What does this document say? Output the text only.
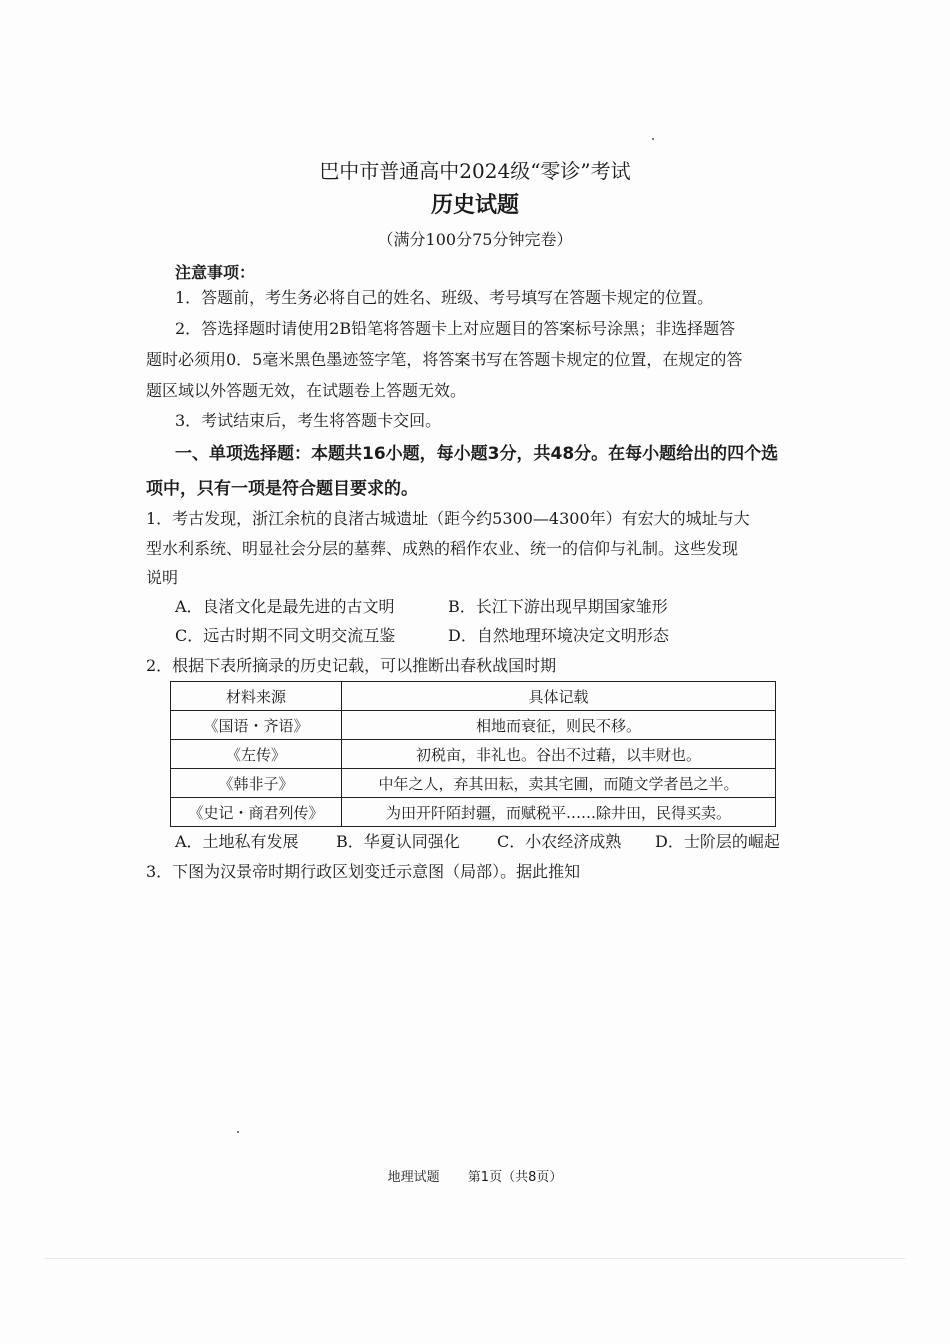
巴中市普通高中2024级“零诊”考试
历史试题
（满分100分75分钟完卷）
注意事项：
1．答题前，考生务必将自己的姓名、班级、考号填写在答题卡规定的位置。
2．答选择题时请使用2B铅笔将答题卡上对应题目的答案标号涂黑；非选择题答
题时必须用0．5毫米黑色墨迹签字笔，将答案书写在答题卡规定的位置，在规定的答
题区域以外答题无效，在试题卷上答题无效。
3．考试结束后，考生将答题卡交回。
一、单项选择题：本题共16小题，每小题3分，共48分。在每小题给出的四个选
项中，只有一项是符合题目要求的。
1．考古发现，浙江余杭的良渚古城遗址（距今约5300—4300年）有宏大的城址与大
型水利系统、明显社会分层的墓葬、成熟的稻作农业、统一的信仰与礼制。这些发现
说明
A．良渚文化是最先进的古文明	B．长江下游出现早期国家雏形
C．远古时期不同文明交流互鉴	D．自然地理环境决定文明形态
2．根据下表所摘录的历史记载，可以推断出春秋战国时期
材料来源	具体记载
《国语・齐语》	相地而衰征，则民不移。
《左传》	初税亩，非礼也。谷出不过藉，以丰财也。
《韩非子》	中年之人，弃其田耘，卖其宅圃，而随文学者邑之半。
《史记・商君列传》	为田开阡陌封疆，而赋税平……除井田，民得买卖。
A．土地私有发展 B．华夏认同强化 C．小农经济成熟 D．士阶层的崛起
3．下图为汉景帝时期行政区划变迁示意图（局部）。据此推知
地理试题 第1页（共8页）
